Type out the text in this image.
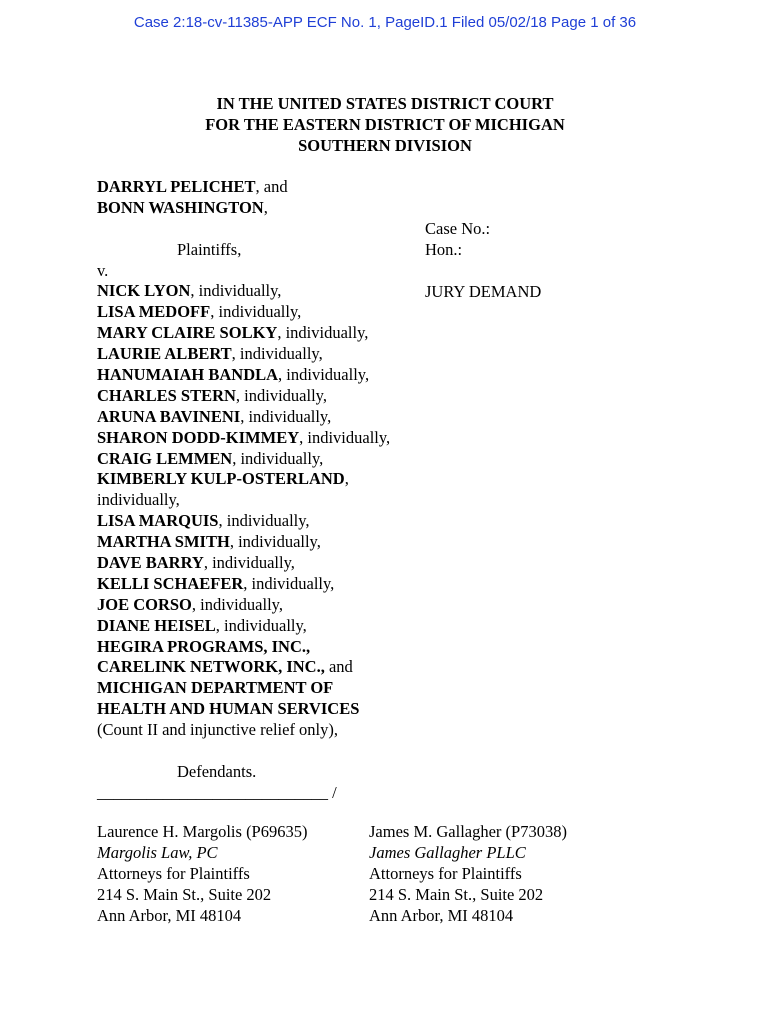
Case 2:18-cv-11385-APP ECF No. 1, PageID.1 Filed 05/02/18 Page 1 of 36
IN THE UNITED STATES DISTRICT COURT
FOR THE EASTERN DISTRICT OF MICHIGAN
SOUTHERN DIVISION
DARRYL PELICHET, and
BONN WASHINGTON,
Plaintiffs,
v.
NICK LYON, individually,
LISA MEDOFF, individually,
MARY CLAIRE SOLKY, individually,
LAURIE ALBERT, individually,
HANUMAIAH BANDLA, individually,
CHARLES STERN, individually,
ARUNA BAVINENI, individually,
SHARON DODD-KIMMEY, individually,
CRAIG LEMMEN, individually,
KIMBERLY KULP-OSTERLAND,
individually,
LISA MARQUIS, individually,
MARTHA SMITH, individually,
DAVE BARRY, individually,
KELLI SCHAEFER, individually,
JOE CORSO, individually,
DIANE HEISEL, individually,
HEGIRA PROGRAMS, INC.,
CARELINK NETWORK, INC., and
MICHIGAN DEPARTMENT OF
HEALTH AND HUMAN SERVICES
(Count II and injunctive relief only),
Defendants.
____________________________ /
Case No.:
Hon.:
JURY DEMAND
Laurence H. Margolis (P69635)
Margolis Law, PC
Attorneys for Plaintiffs
214 S. Main St., Suite 202
Ann Arbor, MI 48104
James M. Gallagher (P73038)
James Gallagher PLLC
Attorneys for Plaintiffs
214 S. Main St., Suite 202
Ann Arbor, MI 48104
